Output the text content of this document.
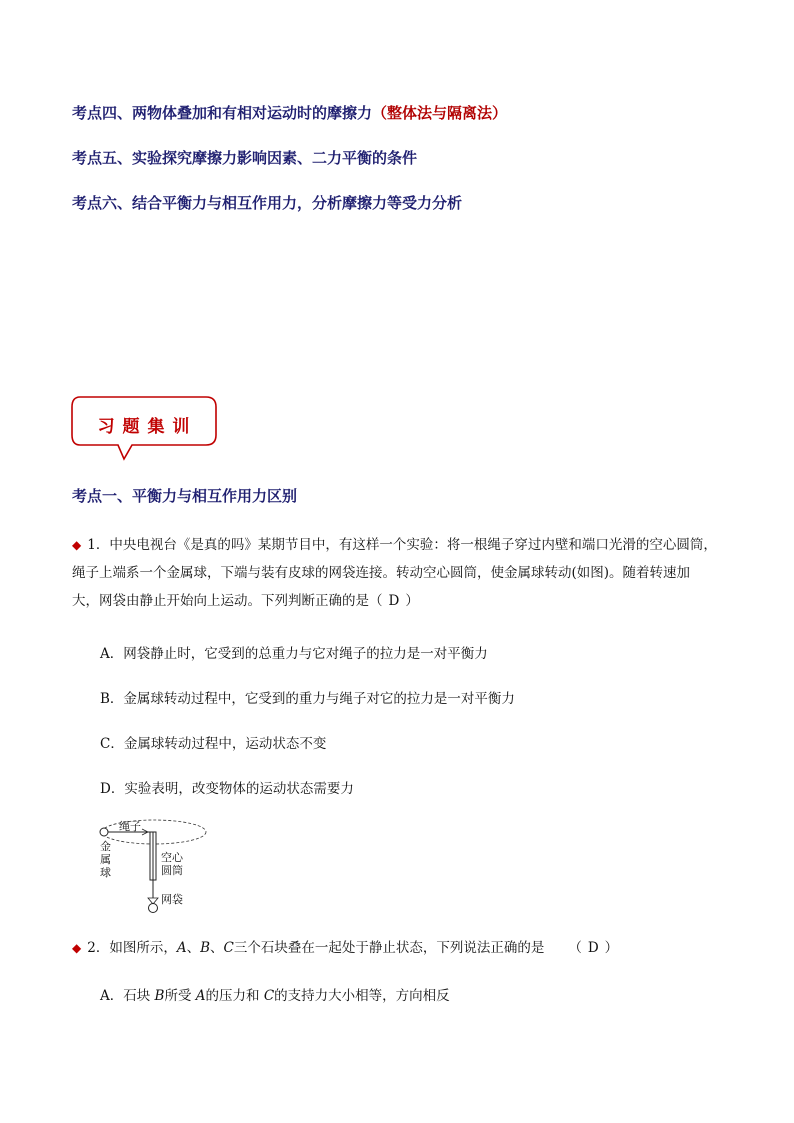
考点四、两物体叠加和有相对运动时的摩擦力（整体法与隔离法）
考点五、实验探究摩擦力影响因素、二力平衡的条件
考点六、结合平衡力与相互作用力，分析摩擦力等受力分析
习 题 集 训
考点一、平衡力与相互作用力区别
◆ 1．中央电视台《是真的吗》某期节目中，有这样一个实验：将一根绳子穿过内壁和端口光滑的空心圆筒，
绳子上端系一个金属球，下端与装有皮球的网袋连接。转动空心圆筒，使金属球转动(如图)。随着转速加
大，网袋由静止开始向上运动。下列判断正确的是（ D ）
A．网袋静止时，它受到的总重力与它对绳子的拉力是一对平衡力
B．金属球转动过程中，它受到的重力与绳子对它的拉力是一对平衡力
C．金属球转动过程中，运动状态不变
D．实验表明，改变物体的运动状态需要力
绳子
金
属
球
空心
圆筒
网袋
◆ 2．如图所示，A、B、C三个石块叠在一起处于静止状态，下列说法正确的是 （ D ）
A．石块 B所受 A的压力和 C的支持力大小相等，方向相反
